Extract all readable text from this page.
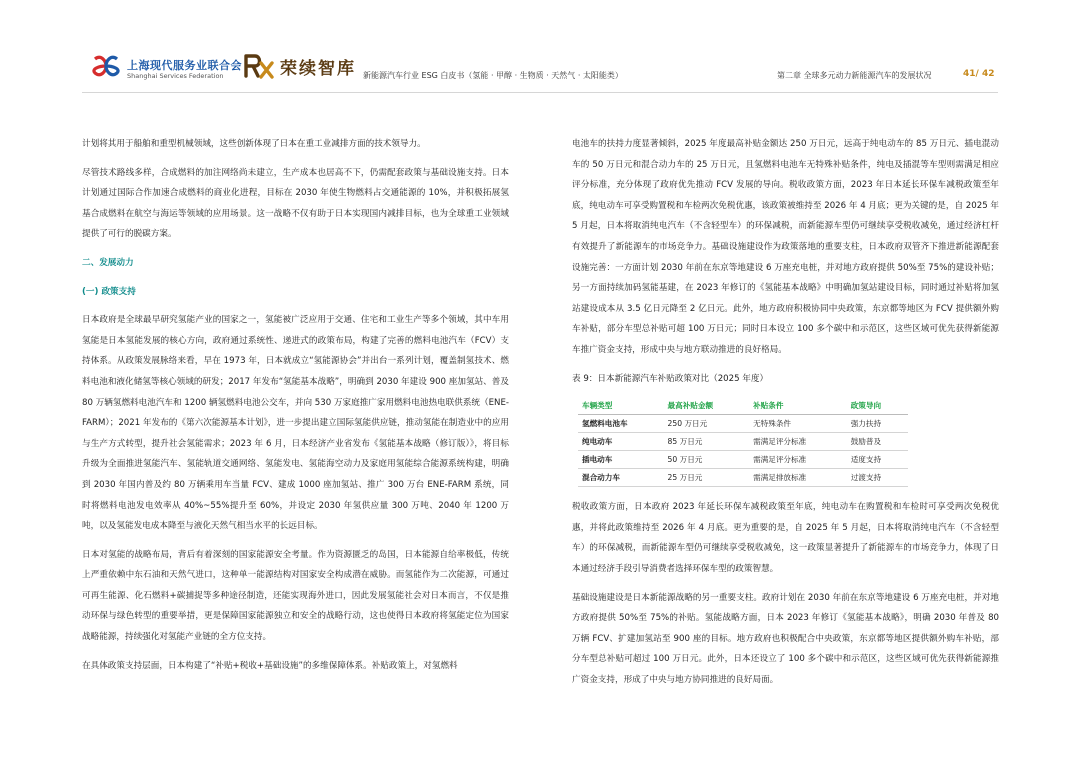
上海现代服务业联合会
Shanghai Services Federation	荣续智库 新能源汽车行业 ESG 白皮书（氢能 · 甲醇 · 生物质 · 天然气 · 太阳能类）	第二章 全球多元动力新能源汽车的发展状况	41/ 42

计划将其用于船舶和重型机械领域，这些创新体现了日本在重工业减排方面的技术领导力。

尽管技术路线多样，合成燃料的加注网络尚未建立，生产成本也居高不下，仍需配套政策与基础设施支持。日本计划通过国际合作加速合成燃料的商业化进程，目标在 2030 年使生物燃料占交通能源的 10%，并积极拓展氢基合成燃料在航空与海运等领域的应用场景。这一战略不仅有助于日本实现国内减排目标，也为全球重工业领域提供了可行的脱碳方案。

二、发展动力

(一) 政策支持

日本政府是全球最早研究氢能产业的国家之一，氢能被广泛应用于交通、住宅和工业生产等多个领域，其中车用氢能是日本氢能发展的核心方向，政府通过系统性、递进式的政策布局，构建了完善的燃料电池汽车（FCV）支持体系。从政策发展脉络来看，早在 1973 年，日本就成立“氢能源协会”并出台一系列计划，覆盖制氢技术、燃料电池和液化储氢等核心领域的研发；2017 年发布“氢能基本战略”，明确到 2030 年建设 900 座加氢站、普及 80 万辆氢燃料电池汽车和 1200 辆氢燃料电池公交车，并向 530 万家庭推广家用燃料电池热电联供系统（ENE-FARM）；2021 年发布的《第六次能源基本计划》，进一步提出建立国际氢能供应链，推动氢能在制造业中的应用与生产方式转型，提升社会氢能需求；2023 年 6 月，日本经济产业省发布《氢能基本战略（修订版）》，将目标升级为全面推进氢能汽车、氢能轨道交通网络、氢能发电、氢能海空动力及家庭用氢能综合能源系统构建，明确到 2030 年国内普及约 80 万辆乘用车当量 FCV、建成 1000 座加氢站、推广 300 万台 ENE-FARM 系统，同时将燃料电池发电效率从 40%~55%提升至 60%，并设定 2030 年氢供应量 300 万吨、2040 年 1200 万吨，以及氢能发电成本降至与液化天然气相当水平的长远目标。

日本对氢能的战略布局，背后有着深刻的国家能源安全考量。作为资源匮乏的岛国，日本能源自给率极低，传统上严重依赖中东石油和天然气进口，这种单一能源结构对国家安全构成潜在威胁。而氢能作为二次能源，可通过可再生能源、化石燃料+碳捕捉等多种途径制造，还能实现海外进口，因此发展氢能社会对日本而言，不仅是推动环保与绿色转型的重要举措，更是保障国家能源独立和安全的战略行动，这也使得日本政府将氢能定位为国家战略能源，持续强化对氢能产业链的全方位支持。

在具体政策支持层面，日本构建了“补贴+税收+基础设施”的多维保障体系。补贴政策上，对氢燃料

电池车的扶持力度显著倾斜，2025 年度最高补贴金额达 250 万日元，远高于纯电动车的 85 万日元、插电混动车的 50 万日元和混合动力车的 25 万日元，且氢燃料电池车无特殊补贴条件，纯电及插混等车型则需满足相应评分标准，充分体现了政府优先推动 FCV 发展的导向。税收政策方面，2023 年日本延长环保车减税政策至年底，纯电动车可享受购置税和车检两次免税优惠，该政策被维持至 2026 年 4 月底；更为关键的是，自 2025 年 5 月起，日本将取消纯电汽车（不含轻型车）的环保减税，而新能源车型仍可继续享受税收减免，通过经济杠杆有效提升了新能源车的市场竞争力。基础设施建设作为政策落地的重要支柱，日本政府双管齐下推进新能源配套设施完善：一方面计划 2030 年前在东京等地建设 6 万座充电桩，并对地方政府提供 50%至 75%的建设补贴；另一方面持续加码氢能基建，在 2023 年修订的《氢能基本战略》中明确加氢站建设目标，同时通过补贴将加氢站建设成本从 3.5 亿日元降至 2 亿日元。此外，地方政府积极协同中央政策，东京都等地区为 FCV 提供额外购车补贴，部分车型总补贴可超 100 万日元；同时日本设立 100 多个碳中和示范区，这些区域可优先获得新能源车推广资金支持，形成中央与地方联动推进的良好格局。

表 9：日本新能源汽车补贴政策对比（2025 年度）

车辆类型	最高补贴金额	补贴条件	政策导向
氢燃料电池车	250 万日元	无特殊条件	强力扶持
纯电动车	85 万日元	需满足评分标准	鼓励普及
插电动车	50 万日元	需满足评分标准	适度支持
混合动力车	25 万日元	需满足排放标准	过渡支持

税收政策方面，日本政府 2023 年延长环保车减税政策至年底，纯电动车在购置税和车检时可享受两次免税优惠，并将此政策维持至 2026 年 4 月底。更为重要的是，自 2025 年 5 月起，日本将取消纯电汽车（不含轻型车）的环保减税，而新能源车型仍可继续享受税收减免，这一政策显著提升了新能源车的市场竞争力，体现了日本通过经济手段引导消费者选择环保车型的政策智慧。

基础设施建设是日本新能源战略的另一重要支柱。政府计划在 2030 年前在东京等地建设 6 万座充电桩，并对地方政府提供 50%至 75%的补贴。氢能战略方面，日本 2023 年修订《氢能基本战略》，明确 2030 年普及 80 万辆 FCV、扩建加氢站至 900 座的目标。地方政府也积极配合中央政策，东京都等地区提供额外购车补贴，部分车型总补贴可超过 100 万日元。此外，日本还设立了 100 多个碳中和示范区，这些区域可优先获得新能源推广资金支持，形成了中央与地方协同推进的良好局面。
